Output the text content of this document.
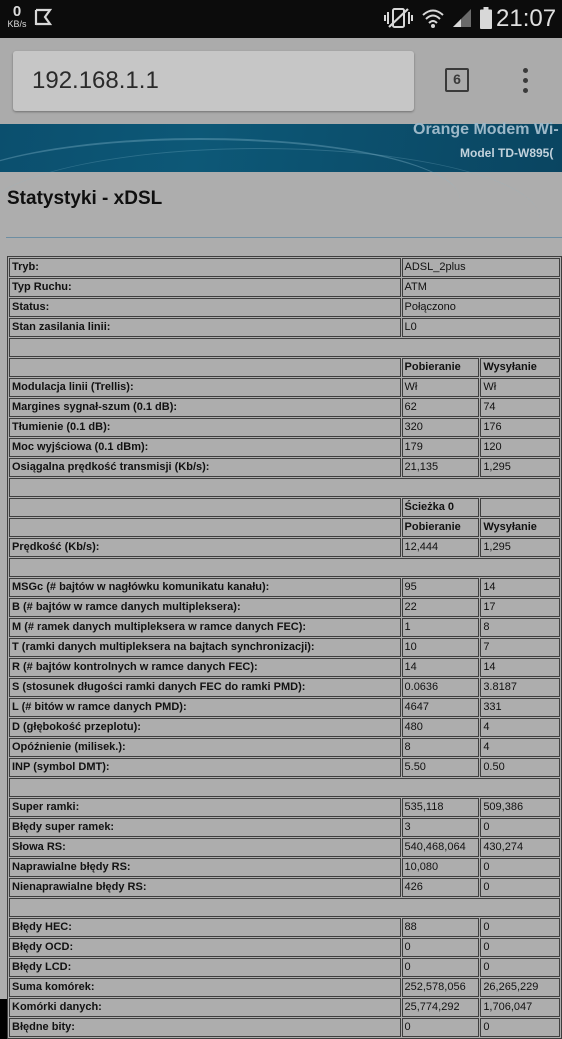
0
KB/s	21:07
192.168.1.1	6
Orange Modem Wi-
Model TD-W895(
Statystyki - xDSL
Tryb:	ADSL_2plus	
Typ Ruchu:	ATM	
Status:	Połączono	
Stan zasilania linii:	L0	

	Pobieranie	Wysyłanie
Modulacja linii (Trellis):	Wł	Wł
Margines sygnał-szum (0.1 dB):	62	74
Tłumienie (0.1 dB):	320	176
Moc wyjściowa (0.1 dBm):	179	120
Osiągalna prędkość transmisji (Kb/s):	21,135	1,295

	Ścieżka 0	
	Pobieranie	Wysyłanie
Prędkość (Kb/s):	12,444	1,295

MSGc (# bajtów w nagłówku komunikatu kanału):	95	14
B (# bajtów w ramce danych multipleksera):	22	17
M (# ramek danych multipleksera w ramce danych FEC):	1	8
T (ramki danych multipleksera na bajtach synchronizacji):	10	7
R (# bajtów kontrolnych w ramce danych FEC):	14	14
S (stosunek długości ramki danych FEC do ramki PMD):	0.0636	3.8187
L (# bitów w ramce danych PMD):	4647	331
D (głębokość przeplotu):	480	4
Opóźnienie (milisek.):	8	4
INP (symbol DMT):	5.50	0.50

Super ramki:	535,118	509,386
Błędy super ramek:	3	0
Słowa RS:	540,468,064	430,274
Naprawialne błędy RS:	10,080	0
Nienaprawialne błędy RS:	426	0

Błędy HEC:	88	0
Błędy OCD:	0	0
Błędy LCD:	0	0
Suma komórek:	252,578,056	26,265,229
Komórki danych:	25,774,292	1,706,047
Błędne bity:	0	0
